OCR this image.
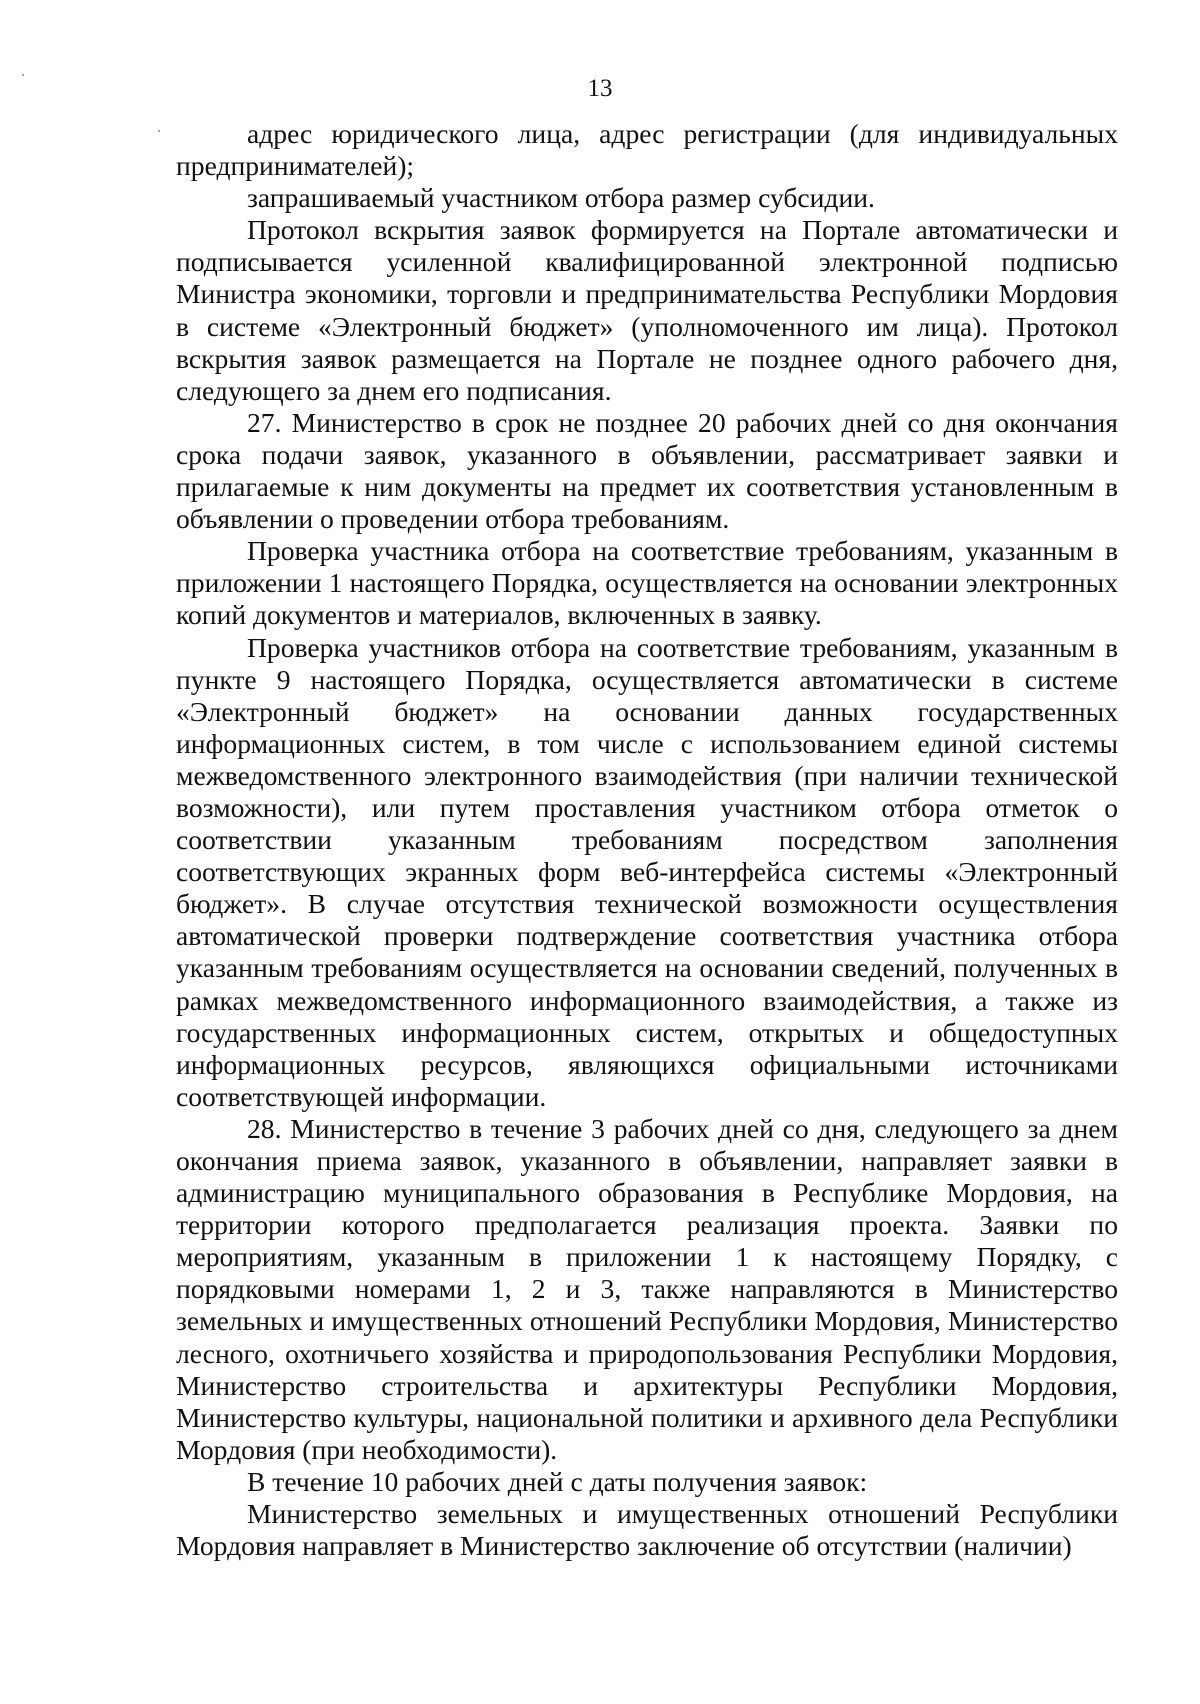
13

адрес юридического лица, адрес регистрации (для индивидуальных предпринимателей);

запрашиваемый участником отбора размер субсидии.

Протокол вскрытия заявок формируется на Портале автоматически и подписывается усиленной квалифицированной электронной подписью Министра экономики, торговли и предпринимательства Республики Мордовия в системе «Электронный бюджет» (уполномоченного им лица). Протокол вскрытия заявок размещается на Портале не позднее одного рабочего дня, следующего за днем его подписания.

27. Министерство в срок не позднее 20 рабочих дней со дня окончания срока подачи заявок, указанного в объявлении, рассматривает заявки и прилагаемые к ним документы на предмет их соответствия установленным в объявлении о проведении отбора требованиям.

Проверка участника отбора на соответствие требованиям, указанным в приложении 1 настоящего Порядка, осуществляется на основании электронных копий документов и материалов, включенных в заявку.

Проверка участников отбора на соответствие требованиям, указанным в пункте 9 настоящего Порядка, осуществляется автоматически в системе «Электронный бюджет» на основании данных государственных информационных систем, в том числе с использованием единой системы межведомственного электронного взаимодействия (при наличии технической возможности), или путем проставления участником отбора отметок о соответствии указанным требованиям посредством заполнения соответствующих экранных форм веб-интерфейса системы «Электронный бюджет». В случае отсутствия технической возможности осуществления автоматической проверки подтверждение соответствия участника отбора указанным требованиям осуществляется на основании сведений, полученных в рамках межведомственного информационного взаимодействия, а также из государственных информационных систем, открытых и общедоступных информационных ресурсов, являющихся официальными источниками соответствующей информации.

28. Министерство в течение 3 рабочих дней со дня, следующего за днем окончания приема заявок, указанного в объявлении, направляет заявки в администрацию муниципального образования в Республике Мордовия, на территории которого предполагается реализация проекта. Заявки по мероприятиям, указанным в приложении 1 к настоящему Порядку, с порядковыми номерами 1, 2 и 3, также направляются в Министерство земельных и имущественных отношений Республики Мордовия, Министерство лесного, охотничьего хозяйства и природопользования Республики Мордовия, Министерство строительства и архитектуры Республики Мордовия, Министерство культуры, национальной политики и архивного дела Республики Мордовия (при необходимости).

В течение 10 рабочих дней с даты получения заявок:

Министерство земельных и имущественных отношений Республики Мордовия направляет в Министерство заключение об отсутствии (наличии)
